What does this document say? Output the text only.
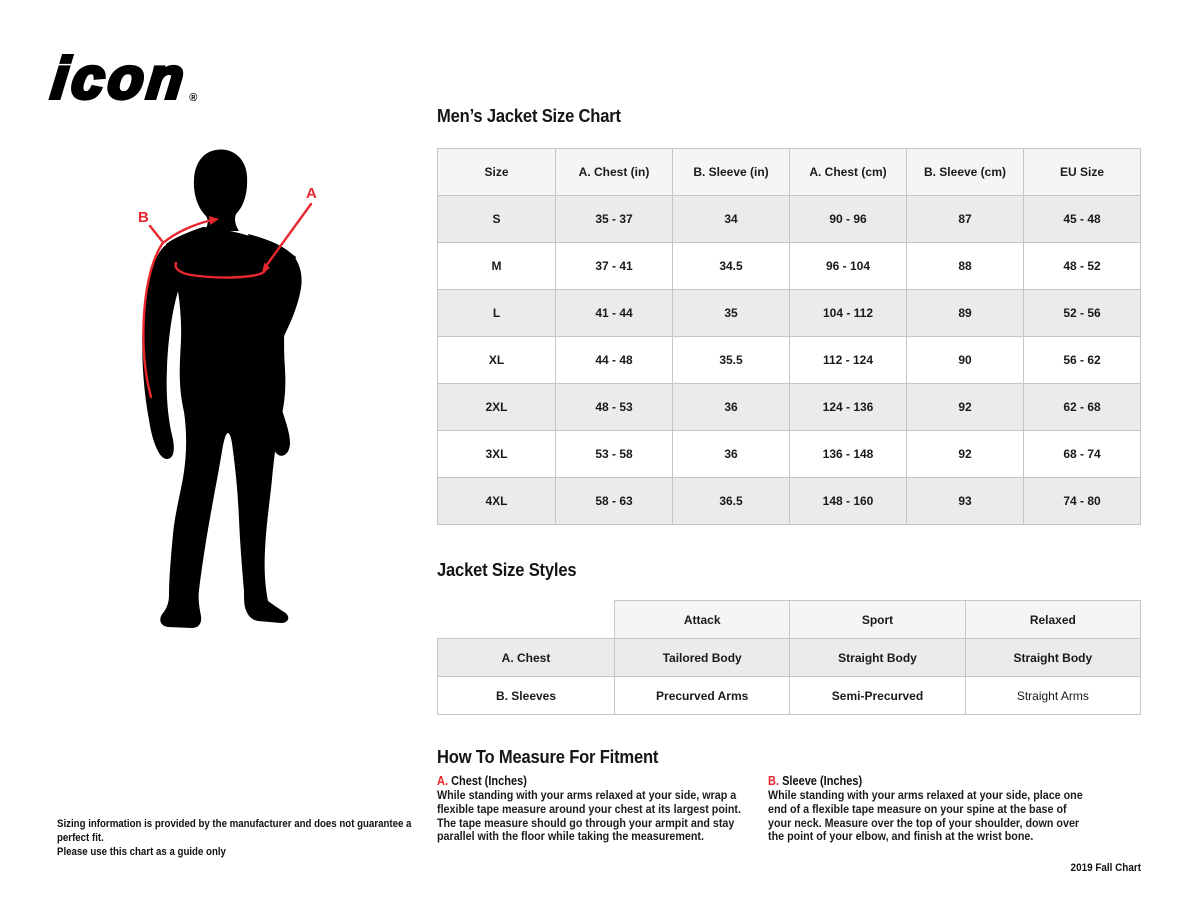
icon®
B
A
Men’s Jacket Size Chart
Size	A. Chest (in)	B. Sleeve (in)	A. Chest (cm)	B. Sleeve (cm)	EU Size
S	35 - 37	34	90 - 96	87	45 - 48
M	37 - 41	34.5	96 - 104	88	48 - 52
L	41 - 44	35	104 - 112	89	52 - 56
XL	44 - 48	35.5	112 - 124	90	56 - 62
2XL	48 - 53	36	124 - 136	92	62 - 68
3XL	53 - 58	36	136 - 148	92	68 - 74
4XL	58 - 63	36.5	148 - 160	93	74 - 80
Jacket Size Styles
	Attack	Sport	Relaxed
A. Chest	Tailored Body	Straight Body	Straight Body
B. Sleeves	Precurved Arms	Semi-Precurved	Straight Arms
How To Measure For Fitment
A. Chest (Inches)

While standing with your arms relaxed at your side, wrap a flexible tape measure around your chest at its largest point. The tape measure should go through your armpit and stay parallel with the floor while taking the measurement.

B. Sleeve (Inches)

While standing with your arms relaxed at your side, place one end of a flexible tape measure on your spine at the base of your neck. Measure over the top of your shoulder, down over the point of your elbow, and finish at the wrist bone.

Sizing information is provided by the manufacturer and does not guarantee a perfect fit.
Please use this chart as a guide only
2019 Fall Chart
